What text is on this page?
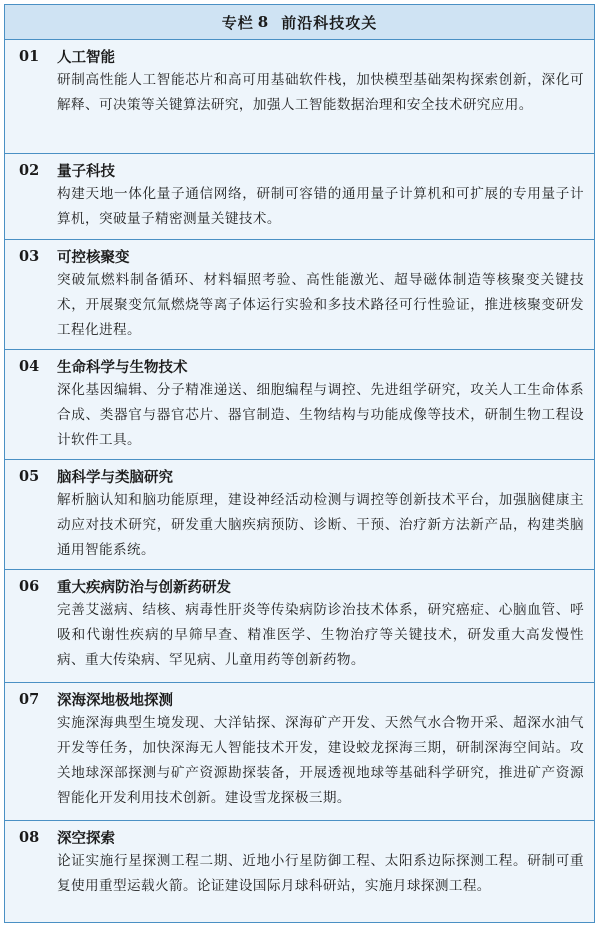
专栏 8 前沿科技攻关
01	人工智能
研制高性能人工智能芯片和高可用基础软件栈，加快模型基础架构探索创新，深化可解释、可决策等关键算法研究，加强人工智能数据治理和安全技术研究应用。
02	量子科技
构建天地一体化量子通信网络，研制可容错的通用量子计算机和可扩展的专用量子计算机，突破量子精密测量关键技术。
03	可控核聚变
突破氚燃料制备循环、材料辐照考验、高性能激光、超导磁体制造等核聚变关键技术，开展聚变氘氚燃烧等离子体运行实验和多技术路径可行性验证，推进核聚变研发工程化进程。
04	生命科学与生物技术
深化基因编辑、分子精准递送、细胞编程与调控、先进组学研究，攻关人工生命体系合成、类器官与器官芯片、器官制造、生物结构与功能成像等技术，研制生物工程设计软件工具。
05	脑科学与类脑研究
解析脑认知和脑功能原理，建设神经活动检测与调控等创新技术平台，加强脑健康主动应对技术研究，研发重大脑疾病预防、诊断、干预、治疗新方法新产品，构建类脑通用智能系统。
06	重大疾病防治与创新药研发
完善艾滋病、结核、病毒性肝炎等传染病防诊治技术体系，研究癌症、心脑血管、呼吸和代谢性疾病的早筛早查、精准医学、生物治疗等关键技术，研发重大高发慢性病、重大传染病、罕见病、儿童用药等创新药物。
07	深海深地极地探测
实施深海典型生境发现、大洋钻探、深海矿产开发、天然气水合物开采、超深水油气开发等任务，加快深海无人智能技术开发，建设蛟龙探海三期，研制深海空间站。攻关地球深部探测与矿产资源勘探装备，开展透视地球等基础科学研究，推进矿产资源智能化开发利用技术创新。建设雪龙探极三期。
08	深空探索
论证实施行星探测工程二期、近地小行星防御工程、太阳系边际探测工程。研制可重复使用重型运载火箭。论证建设国际月球科研站，实施月球探测工程。
